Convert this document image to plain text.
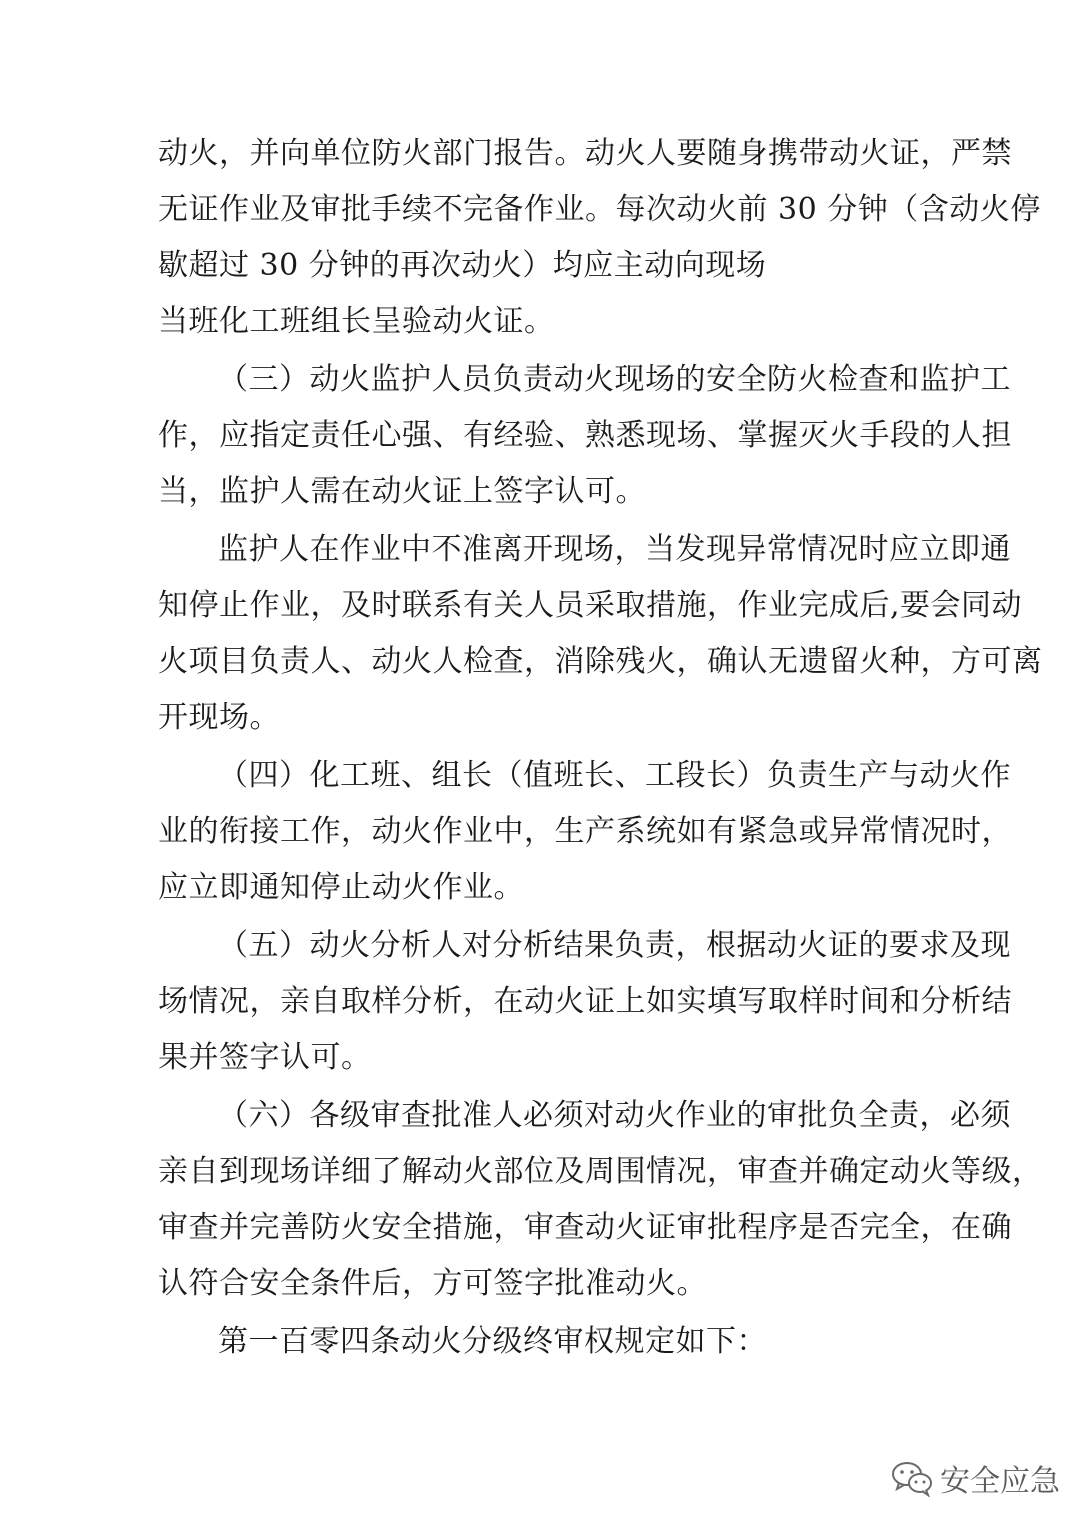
动火，并向单位防火部门报告。动火人要随身携带动火证，严禁
无证作业及审批手续不完备作业。每次动火前 30 分钟（含动火停
歇超过 30 分钟的再次动火）均应主动向现场
当班化工班组长呈验动火证。
（三）动火监护人员负责动火现场的安全防火检查和监护工
作，应指定责任心强、有经验、熟悉现场、掌握灭火手段的人担
当，监护人需在动火证上签字认可。
监护人在作业中不准离开现场，当发现异常情况时应立即通
知停止作业，及时联系有关人员采取措施，作业完成后,要会同动
火项目负责人、动火人检查，消除残火，确认无遗留火种，方可离
开现场。
（四）化工班、组长（值班长、工段长）负责生产与动火作
业的衔接工作，动火作业中，生产系统如有紧急或异常情况时，
应立即通知停止动火作业。
（五）动火分析人对分析结果负责，根据动火证的要求及现
场情况，亲自取样分析，在动火证上如实填写取样时间和分析结
果并签字认可。
（六）各级审查批准人必须对动火作业的审批负全责，必须
亲自到现场详细了解动火部位及周围情况，审查并确定动火等级，
审查并完善防火安全措施，审查动火证审批程序是否完全，在确
认符合安全条件后，方可签字批准动火。
第一百零四条动火分级终审权规定如下：
安全应急
